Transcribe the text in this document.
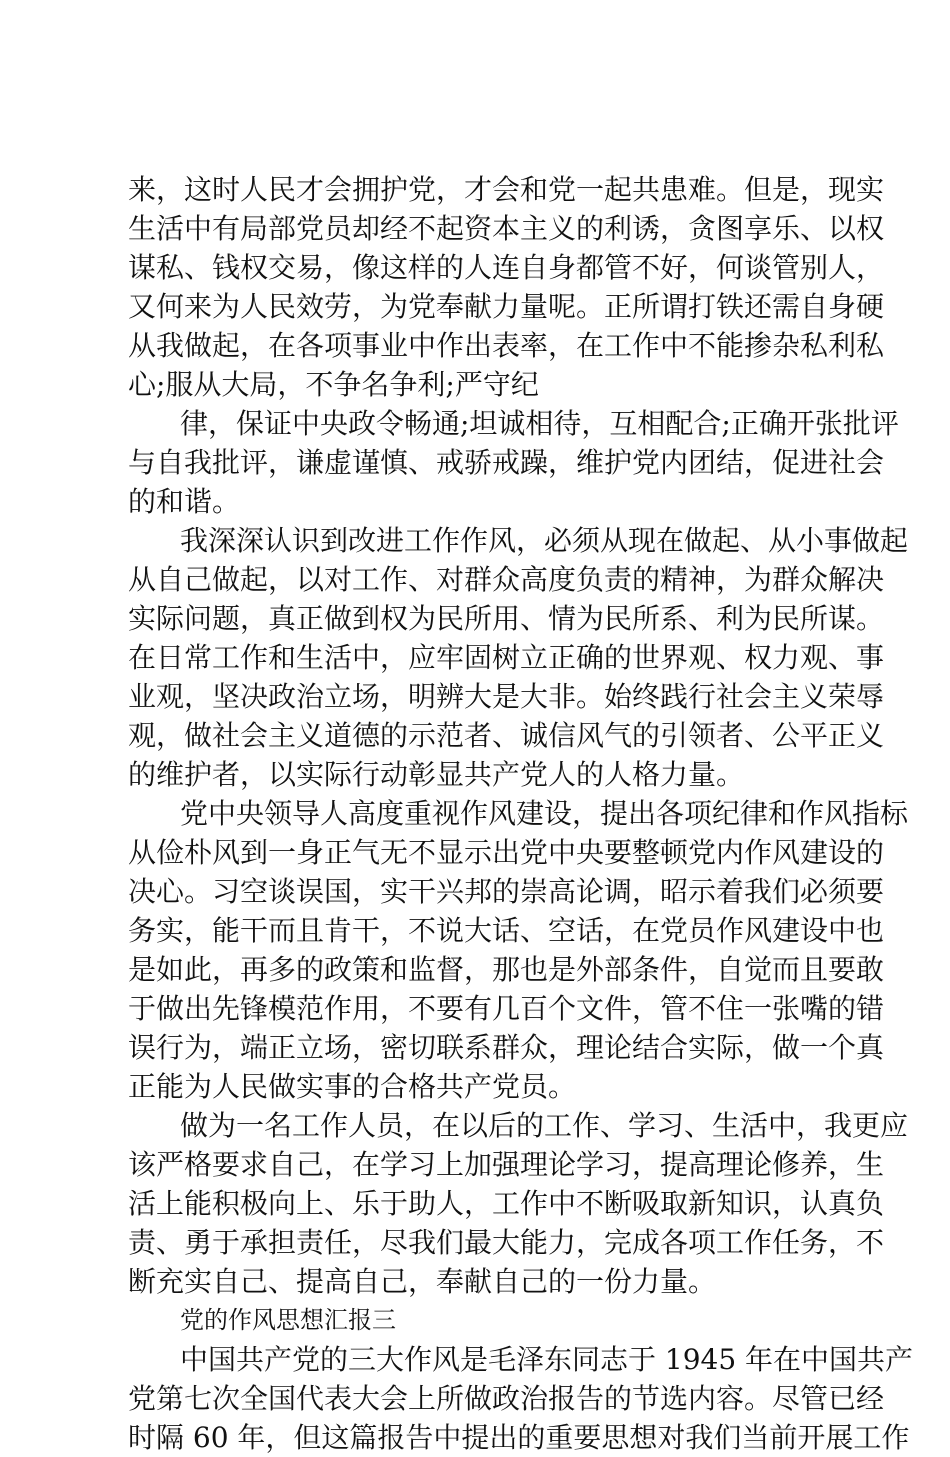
来，这时人民才会拥护党，才会和党一起共患难。但是，现实
生活中有局部党员却经不起资本主义的利诱，贪图享乐、以权
谋私、钱权交易，像这样的人连自身都管不好，何谈管别人，
又何来为人民效劳，为党奉献力量呢。正所谓打铁还需自身硬
从我做起，在各项事业中作出表率，在工作中不能掺杂私利私
心;服从大局，不争名争利;严守纪
律，保证中央政令畅通;坦诚相待，互相配合;正确开张批评
与自我批评，谦虚谨慎、戒骄戒躁，维护党内团结，促进社会
的和谐。
我深深认识到改进工作作风，必须从现在做起、从小事做起
从自己做起，以对工作、对群众高度负责的精神，为群众解决
实际问题，真正做到权为民所用、情为民所系、利为民所谋。
在日常工作和生活中，应牢固树立正确的世界观、权力观、事
业观，坚决政治立场，明辨大是大非。始终践行社会主义荣辱
观，做社会主义道德的示范者、诚信风气的引领者、公平正义
的维护者，以实际行动彰显共产党人的人格力量。
党中央领导人高度重视作风建设，提出各项纪律和作风指标
从俭朴风到一身正气无不显示出党中央要整顿党内作风建设的
决心。习空谈误国，实干兴邦的崇高论调，昭示着我们必须要
务实，能干而且肯干，不说大话、空话，在党员作风建设中也
是如此，再多的政策和监督，那也是外部条件，自觉而且要敢
于做出先锋模范作用，不要有几百个文件，管不住一张嘴的错
误行为，端正立场，密切联系群众，理论结合实际，做一个真
正能为人民做实事的合格共产党员。
做为一名工作人员，在以后的工作、学习、生活中，我更应
该严格要求自己，在学习上加强理论学习，提高理论修养，生
活上能积极向上、乐于助人，工作中不断吸取新知识，认真负
责、勇于承担责任，尽我们最大能力，完成各项工作任务，不
断充实自己、提高自己，奉献自己的一份力量。
党的作风思想汇报三
中国共产党的三大作风是毛泽东同志于 1945 年在中国共产
党第七次全国代表大会上所做政治报告的节选内容。尽管已经
时隔 60 年，但这篇报告中提出的重要思想对我们当前开展工作
